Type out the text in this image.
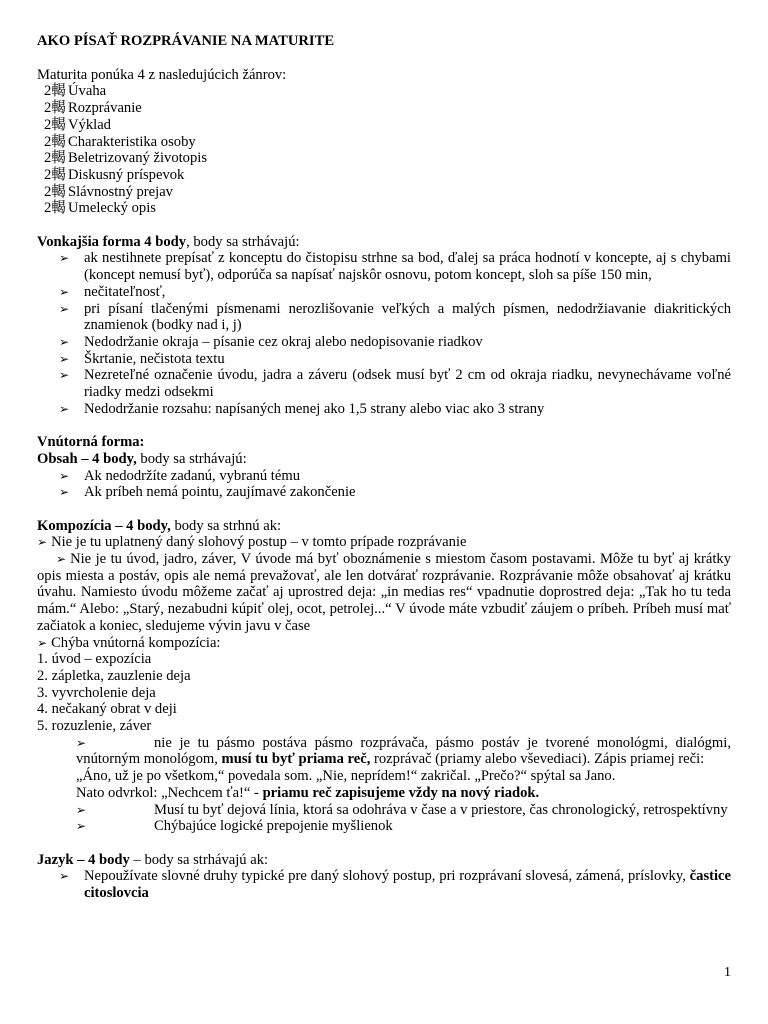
AKO PÍSAŤ ROZPRÁVANIE NA MATURITE
Maturita ponúka 4 z nasledujúcich žánrov:
2輵 Úvaha
2輵 Rozprávanie
2輵 Výklad
2輵 Charakteristika osoby
2輵 Beletrizovaný životopis
2輵 Diskusný príspevok
2輵 Slávnostný prejav
2輵 Umelecký opis
Vonkajšia forma 4 body, body sa strhávajú:
➢ ak nestihnete prepísať z konceptu do čistopisu strhne sa bod, ďalej sa práca hodnotí v koncepte, aj s chybami (koncept nemusí byť), odporúča sa napísať najskôr osnovu, potom koncept, sloh sa píše 150 min,
➢ nečitateľnosť,
➢ pri písaní tlačenými písmenami nerozlišovanie veľkých a malých písmen, nedodržiavanie diakritických znamienok (bodky nad i, j)
➢ Nedodržanie okraja – písanie cez okraj alebo nedopisovanie riadkov
➢ Škrtanie, nečistota textu
➢ Nezreteľné označenie úvodu, jadra a záveru (odsek musí byť 2 cm od okraja riadku, nevynechávame voľné riadky medzi odsekmi
➢ Nedodržanie rozsahu: napísaných menej ako 1,5 strany alebo viac ako 3 strany
Vnútorná forma:
Obsah – 4 body, body sa strhávajú:
➢ Ak nedodržíte zadanú, vybranú tému
➢ Ak príbeh nemá pointu, zaujímavé zakončenie
Kompozícia – 4 body, body sa strhnú ak:
➢ Nie je tu uplatnený daný slohový postup – v tomto prípade rozprávanie
➢ Nie je tu úvod, jadro, záver, V úvode má byť oboznámenie s miestom časom postavami. Môže tu byť aj krátky opis miesta a postáv, opis ale nemá prevažovať, ale len dotvárať rozprávanie. Rozprávanie môže obsahovať aj krátku úvahu. Namiesto úvodu môžeme začať aj uprostred deja: „in medias res“ vpadnutie doprostred deja: „Tak ho tu teda mám.“ Alebo: „Starý, nezabudni kúpiť olej, ocot, petrolej...“ V úvode máte vzbudiť záujem o príbeh. Príbeh musí mať začiatok a koniec, sledujeme vývin javu v čase
➢ Chýba vnútorná kompozícia:
1. úvod – expozícia
2. zápletka, zauzlenie deja
3. vyvrcholenie deja
4. nečakaný obrat v deji
5. rozuzlenie, záver
➢	nie je tu pásmo postáva pásmo rozprávača, pásmo postáv je tvorené monológmi, dialógmi, vnútorným monológom, musí tu byť priama reč, rozprávač (priamy alebo vševediaci). Zápis priamej reči:
„Áno, už je po všetkom,“ povedala som. „Nie, neprídem!“ zakričal. „Prečo?“ spýtal sa Jano.
Nato odvrkol: „Nechcem ťa!“ - priamu reč zapisujeme vždy na nový riadok.
➢	Musí tu byť dejová línia, ktorá sa odohráva v čase a v priestore, čas chronologický, retrospektívny
➢	Chýbajúce logické prepojenie myšlienok
Jazyk – 4 body – body sa strhávajú ak:
➢ Nepoužívate slovné druhy typické pre daný slohový postup, pri rozprávaní slovesá, zámená, príslovky, častice citoslovcia
1
